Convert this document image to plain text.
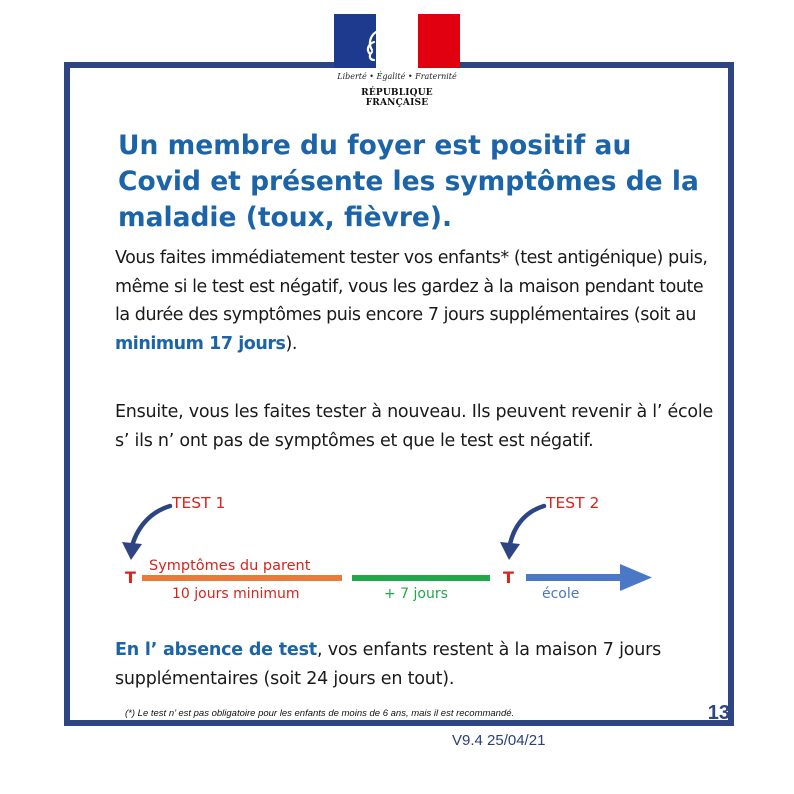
Liberté • Égalité • Fraternité
RÉPUBLIQUE FRANÇAISE
Un membre du foyer est positif au Covid et présente les symptômes de la maladie (toux, fièvre).

Vous faites immédiatement tester vos enfants* (test antigénique) puis, même si le test est négatif, vous les gardez à la maison pendant toute la durée des symptômes puis encore 7 jours supplémentaires (soit au minimum 17 jours).

Ensuite, vous les faites tester à nouveau. Ils peuvent revenir à l’ école s’ ils n’ ont pas de symptômes et que le test est négatif.

En l’ absence de test, vos enfants restent à la maison 7 jours supplémentaires (soit 24 jours en tout).

(*) Le test n’ est pas obligatoire pour les enfants de moins de 6 ans, mais il est recommandé.	13

TEST 1	TEST 2
T	T
Symptômes du parent
10 jours minimum	+ 7 jours	école

V9.4 25/04/21
